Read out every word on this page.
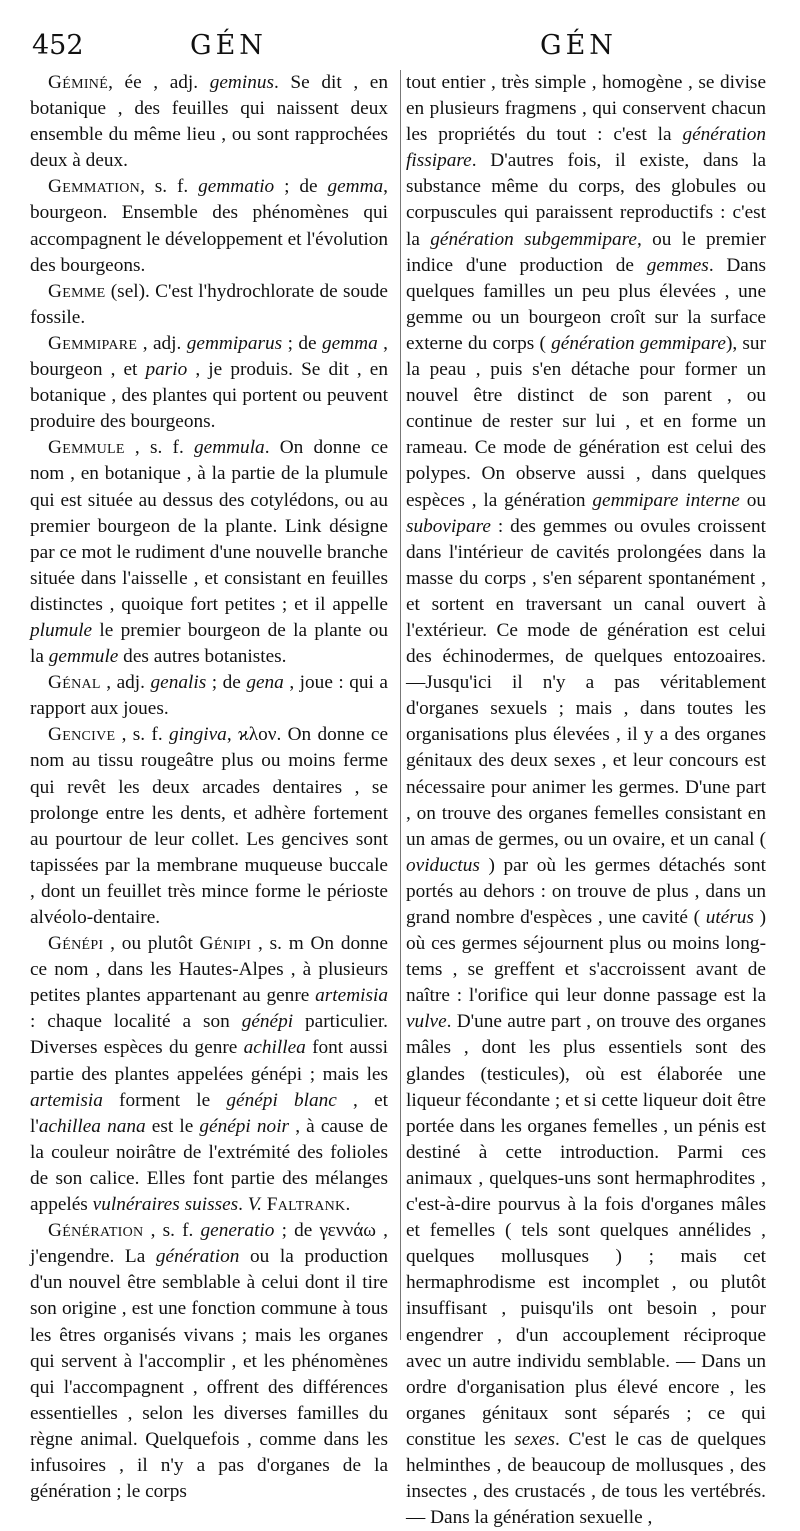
452	GÉN	GÉN

Géminé, ée , adj. geminus. Se dit , en botanique , des feuilles qui naissent deux ensemble du même lieu , ou sont rapprochées deux à deux.

Gemmation, s. f. gemmatio ; de gemma, bourgeon. Ensemble des phénomènes qui accompagnent le développement et l'évolution des bourgeons.

Gemme (sel). C'est l'hydrochlorate de soude fossile.

Gemmipare , adj. gemmiparus ; de gemma , bourgeon , et pario , je produis. Se dit , en botanique , des plantes qui portent ou peuvent produire des bourgeons.

Gemmule , s. f. gemmula. On donne ce nom , en botanique , à la partie de la plumule qui est située au dessus des cotylédons, ou au premier bourgeon de la plante. Link désigne par ce mot le rudiment d'une nouvelle branche située dans l'aisselle , et consistant en feuilles distinctes , quoique fort petites ; et il appelle plumule le premier bourgeon de la plante ou la gemmule des autres botanistes.

Génal , adj. genalis ; de gena , joue : qui a rapport aux joues.

Gencive , s. f. gingiva, ϰλον. On donne ce nom au tissu rougeâtre plus ou moins ferme qui revêt les deux arcades dentaires , se prolonge entre les dents, et adhère fortement au pourtour de leur collet. Les gencives sont tapissées par la membrane muqueuse buccale , dont un feuillet très mince forme le périoste alvéolo-dentaire.

Génépi , ou plutôt Génipi , s. m On donne ce nom , dans les Hautes-Alpes , à plusieurs petites plantes appartenant au genre artemisia : chaque localité a son génépi particulier. Diverses espèces du genre achillea font aussi partie des plantes appelées génépi ; mais les artemisia forment le génépi blanc , et l'achillea nana est le génépi noir , à cause de la couleur noirâtre de l'extrémité des folioles de son calice. Elles font partie des mélanges appelés vulnéraires suisses. V. Faltrank.

Génération , s. f. generatio ; de γεννάω , j'engendre. La génération ou la production d'un nouvel être semblable à celui dont il tire son origine , est une fonction commune à tous les êtres organisés vivans ; mais les organes qui servent à l'accomplir , et les phénomènes qui l'accompagnent , offrent des différences essentielles , selon les diverses familles du règne animal. Quelquefois , comme dans les infusoires , il n'y a pas d'organes de la génération ; le corps

tout entier , très simple , homogène , se divise en plusieurs fragmens , qui conservent chacun les propriétés du tout : c'est la génération fissipare. D'autres fois, il existe, dans la substance même du corps, des globules ou corpuscules qui paraissent reproductifs : c'est la génération subgemmipare, ou le premier indice d'une production de gemmes. Dans quelques familles un peu plus élevées , une gemme ou un bourgeon croît sur la surface externe du corps ( génération gemmipare), sur la peau , puis s'en détache pour former un nouvel être distinct de son parent , ou continue de rester sur lui , et en forme un rameau. Ce mode de génération est celui des polypes. On observe aussi , dans quelques espèces , la génération gemmipare interne ou subovipare : des gemmes ou ovules croissent dans l'intérieur de cavités prolongées dans la masse du corps , s'en séparent spontanément , et sortent en traversant un canal ouvert à l'extérieur. Ce mode de génération est celui des échinodermes, de quelques entozoaires. —Jusqu'ici il n'y a pas véritablement d'organes sexuels ; mais , dans toutes les organisations plus élevées , il y a des organes génitaux des deux sexes , et leur concours est nécessaire pour animer les germes. D'une part , on trouve des organes femelles consistant en un amas de germes, ou un ovaire, et un canal ( oviductus ) par où les germes détachés sont portés au dehors : on trouve de plus , dans un grand nombre d'espèces , une cavité ( utérus ) où ces germes séjournent plus ou moins long-tems , se greffent et s'accroissent avant de naître : l'orifice qui leur donne passage est la vulve. D'une autre part , on trouve des organes mâles , dont les plus essentiels sont des glandes (testicules), où est élaborée une liqueur fécondante ; et si cette liqueur doit être portée dans les organes femelles , un pénis est destiné à cette introduction. Parmi ces animaux , quelques-uns sont hermaphrodites , c'est-à-dire pourvus à la fois d'organes mâles et femelles ( tels sont quelques annélides , quelques mollusques ) ; mais cet hermaphrodisme est incomplet , ou plutôt insuffisant , puisqu'ils ont besoin , pour engendrer , d'un accouplement réciproque avec un autre individu semblable. — Dans un ordre d'organisation plus élevé encore , les organes génitaux sont séparés ; ce qui constitue les sexes. C'est le cas de quelques helminthes , de beaucoup de mollusques , des insectes , des crustacés , de tous les vertébrés. — Dans la génération sexuelle ,
